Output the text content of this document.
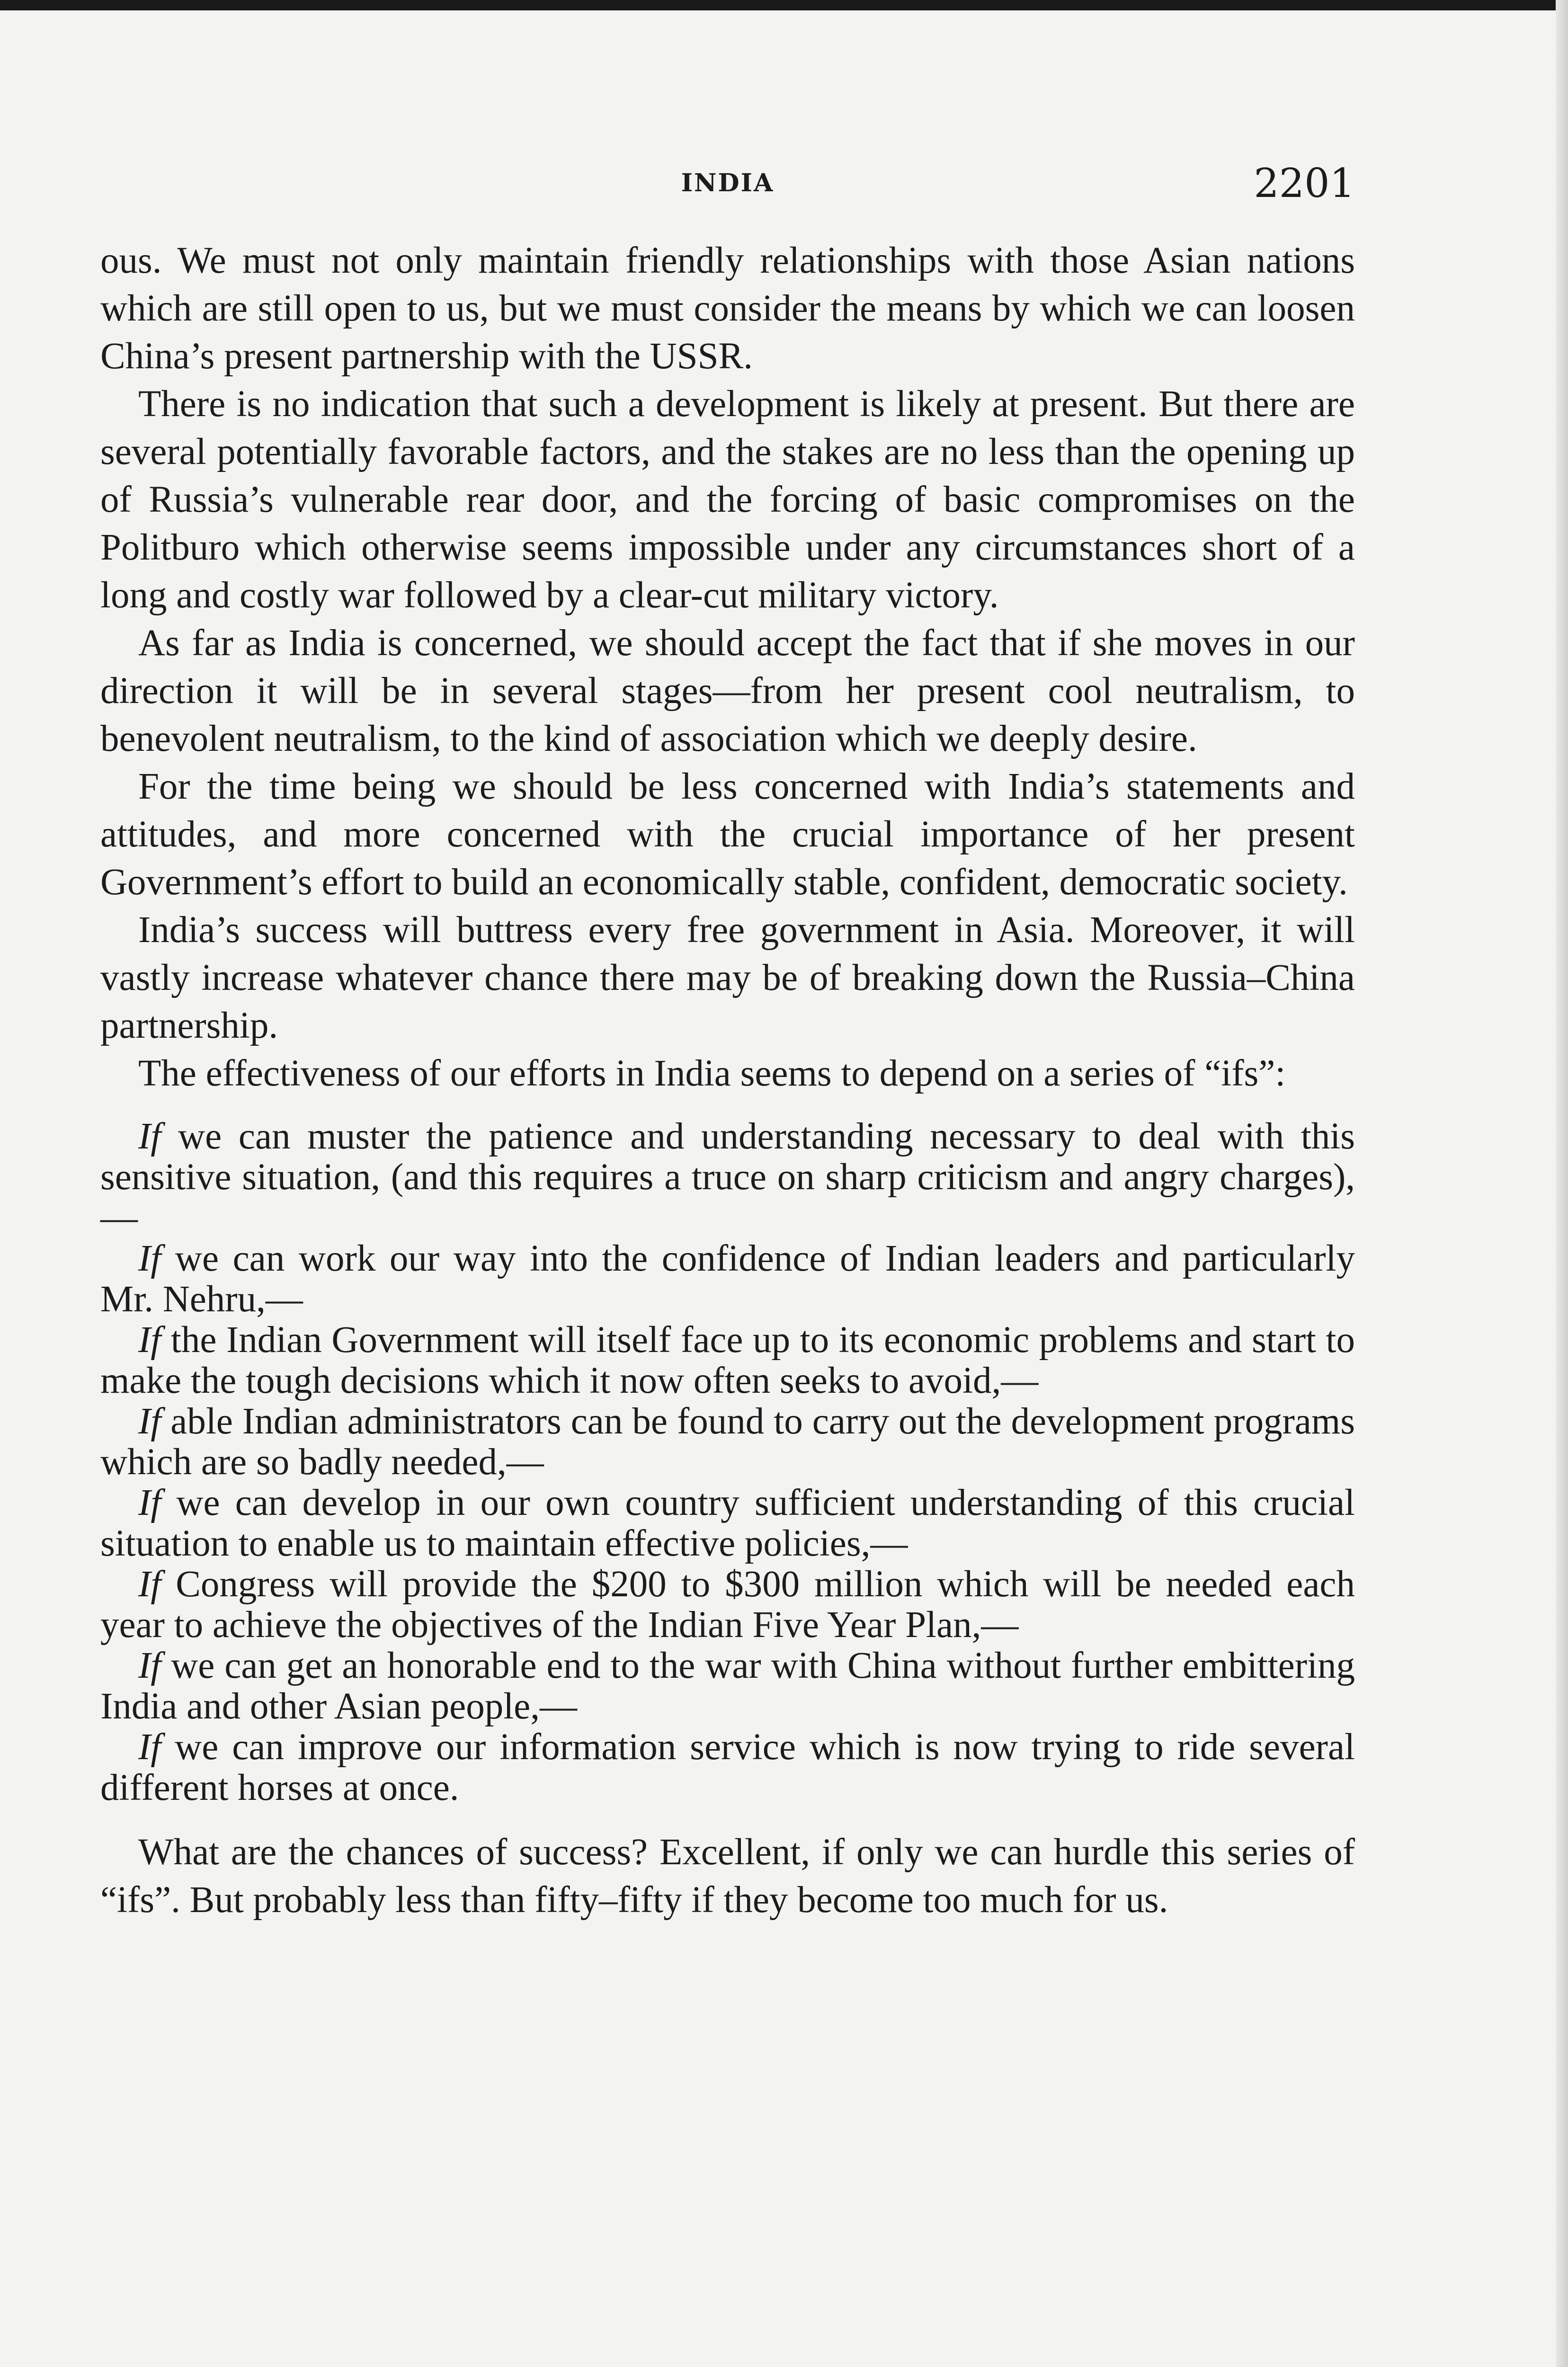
INDIA	2201

ous. We must not only maintain friendly relationships with those Asian nations which are still open to us, but we must consider the means by which we can loosen China’s present partnership with the USSR.

There is no indication that such a development is likely at present. But there are several potentially favorable factors, and the stakes are no less than the opening up of Russia’s vulnerable rear door, and the forcing of basic compromises on the Politburo which otherwise seems impossible under any circumstances short of a long and costly war followed by a clear-cut military victory.

As far as India is concerned, we should accept the fact that if she moves in our direction it will be in several stages—from her present cool neutralism, to benevolent neutralism, to the kind of association which we deeply desire.

For the time being we should be less concerned with India’s statements and attitudes, and more concerned with the crucial importance of her present Government’s effort to build an economically stable, confident, democratic society.

India’s success will buttress every free government in Asia. Moreover, it will vastly increase whatever chance there may be of breaking down the Russia–China partnership.

The effectiveness of our efforts in India seems to depend on a series of “ifs”:

If we can muster the patience and understanding necessary to deal with this sensitive situation, (and this requires a truce on sharp criticism and angry charges),—

If we can work our way into the confidence of Indian leaders and particularly Mr. Nehru,—

If the Indian Government will itself face up to its economic problems and start to make the tough decisions which it now often seeks to avoid,—

If able Indian administrators can be found to carry out the development programs which are so badly needed,—

If we can develop in our own country sufficient understanding of this crucial situation to enable us to maintain effective policies,—

If Congress will provide the $200 to $300 million which will be needed each year to achieve the objectives of the Indian Five Year Plan,—

If we can get an honorable end to the war with China without further embittering India and other Asian people,—

If we can improve our information service which is now trying to ride several different horses at once.

What are the chances of success? Excellent, if only we can hurdle this series of “ifs”. But probably less than fifty–fifty if they become too much for us.
